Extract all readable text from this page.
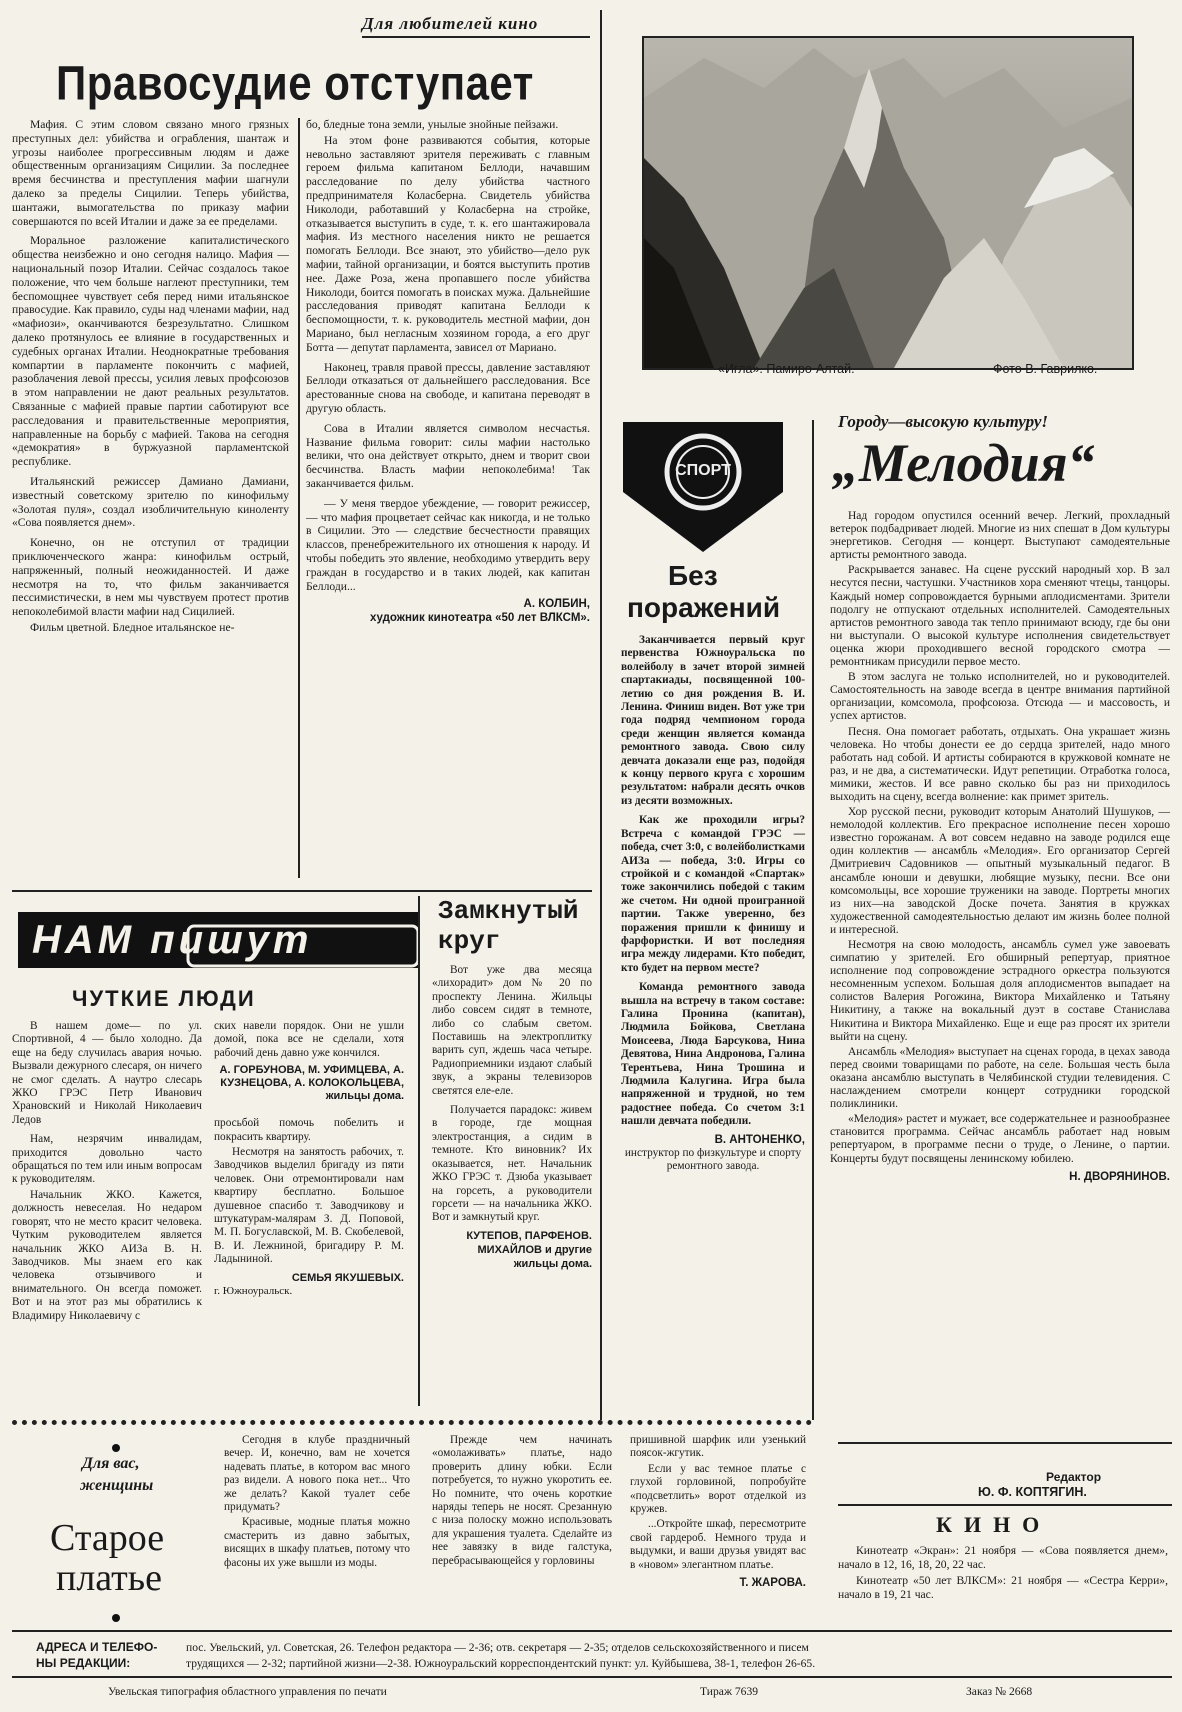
Для любителей кино
Правосудие отступает

Мафия. С этим словом связано много грязных преступных дел: убийства и ограбления, шантаж и угрозы наиболее прогрессивным людям и даже общественным организациям Сицилии. За последнее время бесчинства и преступления мафии шагнули далеко за пределы Сицилии. Теперь убийства, шантажи, вымогательства по приказу мафии совершаются по всей Италии и даже за ее пределами.

Моральное разложение капиталистического общества неизбежно и оно сегодня налицо. Мафия — национальный позор Италии. Сейчас создалось такое положение, что чем больше наглеют преступники, тем беспомощнее чувствует себя перед ними итальянское правосудие. Как правило, суды над членами мафии, над «мафиози», оканчиваются безрезультатно. Слишком далеко протянулось ее влияние в государственных и судебных органах Италии. Неоднократные требования компартии в парламенте покончить с мафией, разоблачения левой прессы, усилия левых профсоюзов в этом направлении не дают реальных результатов. Связанные с мафией правые партии саботируют все расследования и правительственные мероприятия, направленные на борьбу с мафией. Такова на сегодня «демократия» в буржуазной парламентской республике.

Итальянский режиссер Дамиано Дамиани, известный советскому зрителю по кинофильму «Золотая пуля», создал изобличительную киноленту «Сова появляется днем».

Конечно, он не отступил от традиции приключенческого жанра: кинофильм острый, напряженный, полный неожиданностей. И даже несмотря на то, что фильм заканчивается пессимистически, в нем мы чувствуем протест против непоколебимой власти мафии над Сицилией.

Фильм цветной. Бледное итальянское не-

бо, бледные тона земли, унылые знойные пейзажи.

На этом фоне развиваются события, которые невольно заставляют зрителя переживать с главным героем фильма капитаном Беллоди, начавшим расследование по делу убийства частного предпринимателя Колаcберна. Свидетель убийства Николоди, работавший у Колаcберна на стройке, отказывается выступить в суде, т. к. его шантажировала мафия. Из местного населения никто не решается помогать Беллоди. Все знают, это убийство—дело рук мафии, тайной организации, и боятся выступить против нее. Даже Роза, жена пропавшего после убийства Николоди, боится помогать в поисках мужа. Дальнейшие расследования приводят капитана Беллоди к беспомощности, т. к. руководитель местной мафии, дон Мариано, был негласным хозяином города, а его друг Ботта — депутат парламента, зависел от Мариано.

Наконец, травля правой прессы, давление заставляют Беллоди отказаться от дальнейшего расследования. Все арестованные снова на свободе, и капитана переводят в другую область.

Сова в Италии является символом несчастья. Название фильма говорит: силы мафии настолько велики, что она действует открыто, днем и творит свои бесчинства. Власть мафии непоколебима! Так заканчивается фильм.

— У меня твердое убеждение, — говорит режиссер, — что мафия процветает сейчас как никогда, и не только в Сицилии. Это — следствие бесчестности правящих классов, пренебрежительного их отношения к народу. И чтобы победить это явление, необходимо утвердить веру граждан в государство и в таких людей, как капитан Беллоди...

А. КОЛБИН,
художник кинотеатра «50 лет ВЛКСМ».
«Игла». Памиро-Алтай.	Фото В. Гаврилко.
СПОРТ
Без
поражений

Заканчивается первый круг первенства Южноуральска по волейболу в зачет второй зимней спартакиады, посвященной 100-летию со дня рождения В. И. Ленина. Финиш виден. Вот уже три года подряд чемпионом города среди женщин является команда ремонтного завода. Свою силу девчата доказали еще раз, подойдя к концу первого круга с хорошим результатом: набрали десять очков из десяти возможных.

Как же проходили игры? Встреча с командой ГРЭС — победа, счет 3:0, с волейболистками АИЗа — победа, 3:0. Игры со стройкой и с командой «Спартак» тоже закончились победой с таким же счетом. Ни одной проигранной партии. Также уверенно, без поражения пришли к финишу и фарфористки. И вот последняя игра между лидерами. Кто победит, кто будет на первом месте?

Команда ремонтного завода вышла на встречу в таком составе: Галина Пронина (капитан), Людмила Бойкова, Светлана Моисеева, Люда Барсукова, Нина Девятова, Нина Андронова, Галина Терентьева, Нина Трошина и Людмила Калугина. Игра была напряженной и трудной, но тем радостнее победа. Со счетом 3:1 нашли девчата победили.

В. АНТОНЕНКО,
инструктор по физкультуре и спорту ремонтного завода.
Городу—высокую культуру!
„Мелодия“

Над городом опустился осенний вечер. Легкий, прохладный ветерок подбадривает людей. Многие из них спешат в Дом культуры энергетиков. Сегодня — концерт. Выступают самодеятельные артисты ремонтного завода.

Раскрывается занавес. На сцене русский народный хор. В зал несутся песни, частушки. Участников хора сменяют чтецы, танцоры. Каждый номер сопровождается бурными аплодисментами. Зрители подолгу не отпускают отдельных исполнителей. Самодеятельных артистов ремонтного завода так тепло принимают всюду, где бы они ни выступали. О высокой культуре исполнения свидетельствует оценка жюри проходившего весной городского смотра — ремонтникам присудили первое место.

В этом заслуга не только исполнителей, но и руководителей. Самостоятельность на заводе всегда в центре внимания партийной организации, комсомола, профсоюза. Отсюда — и массовость, и успех артистов.

Песня. Она помогает работать, отдыхать. Она украшает жизнь человека. Но чтобы донести ее до сердца зрителей, надо много работать над собой. И артисты собираются в кружковой комнате не раз, и не два, а систематически. Идут репетиции. Отработка голоса, мимики, жестов. И все равно сколько бы раз ни приходилось выходить на сцену, всегда волнение: как примет зритель.

Хор русской песни, руководит которым Анатолий Шушуков, — немолодой коллектив. Его прекрасное исполнение песен хорошо известно горожанам. А вот совсем недавно на заводе родился еще один коллектив — ансамбль «Мелодия». Его организатор Сергей Дмитриевич Садовников — опытный музыкальный педагог. В ансамбле юноши и девушки, любящие музыку, песни. Все они комсомольцы, все хорошие труженики на заводе. Портреты многих из них—на заводской Доске почета. Занятия в кружках художественной самодеятельностью делают им жизнь более полной и интересной.

Несмотря на свою молодость, ансамбль сумел уже завоевать симпатию у зрителей. Его обширный репертуар, приятное исполнение под сопровождение эстрадного оркестра пользуются несомненным успехом. Большая доля аплодисментов выпадает на солистов Валерия Рогожина, Виктора Михайленко и Татьяну Никитину, а также на вокальный дуэт в составе Станислава Никитина и Виктора Михайленко. Еще и еще раз просят их зрители выйти на сцену.

Ансамбль «Мелодия» выступает на сценах города, в цехах завода перед своими товарищами по работе, на селе. Большая честь была оказана ансамблю выступать в Челябинской студии телевидения. С наслаждением смотрели концерт сотрудники городской поликлиники.

«Мелодия» растет и мужает, все содержательнее и разнообразнее становится программа. Сейчас ансамбль работает над новым репертуаром, в программе песни о труде, о Ленине, о партии. Концерты будут посвящены ленинскому юбилею.

Н. ДВОРЯНИНОВ.
НАМ пишут
ЧУТКИЕ ЛЮДИ

В нашем доме— по ул. Спортивной, 4 — было холодно. Да еще на беду случилась авария ночью. Вызвали дежурного слесаря, он ничего не смог сделать. А наутро слесарь ЖКО ГРЭС Петр Иванович Храновский и Николай Николаевич Ледов

Нам, незрячим инвалидам, приходится довольно часто обращаться по тем или иным вопросам к руководителям.

Начальник ЖКО. Кажется, должность невеселая. Но недаром говорят, что не место красит человека. Чутким руководителем является начальник ЖКО АИЗа В. Н. Заводчиков. Мы знаем его как человека отзывчивого и внимательного. Он всегда поможет. Вот и на этот раз мы обратились к Владимиру Николаевичу с

ских навели порядок. Они не ушли домой, пока все не сделали, хотя рабочий день давно уже кончился.

А. ГОРБУНОВА, М. УФИМЦЕВА, А. КУЗНЕЦОВА, А. КОЛОКОЛЬЦЕВА, жильцы дома.

просьбой помочь побелить и покрасить квартиру.

Несмотря на занятость рабочих, т. Заводчиков выделил бригаду из пяти человек. Они отремонтировали нам квартиру бесплатно. Большое душевное спасибо т. Заводчикову и штукатурам-малярам З. Д. Поповой, М. П. Богуславской, М. В. Скобелевой, В. И. Лежниной, бригадиру Р. М. Ладыниной.

СЕМЬЯ ЯКУШЕВЫХ.
г. Южноуральск.
Замкнутый
круг

Вот уже два месяца «лихорадит» дом № 20 по проспекту Ленина. Жильцы либо совсем сидят в темноте, либо со слабым светом. Поставишь на электроплитку варить суп, ждешь часа четыре. Радиоприемники издают слабый звук, а экраны телевизоров светятся еле-еле.

Получается парадокс: живем в городе, где мощная электростанция, а сидим в темноте. Кто виновник? Их оказывается, нет. Начальник ЖКО ГРЭС т. Дзюба указывает на горсеть, а руководители горсети — на начальника ЖКО. Вот и замкнутый круг.

КУТЕПОВ, ПАРФЕНОВ. МИХАЙЛОВ и другие жильцы дома.
Для вас,
женщины
Старое
платье

Сегодня в клубе праздничный вечер. И, конечно, вам не хочется надевать платье, в котором вас много раз видели. А нового пока нет... Что же делать? Какой туалет себе придумать?

Красивые, модные платья можно смастерить из давно забытых, висящих в шкафу платьев, потому что фасоны их уже вышли из моды.

Прежде чем начинать «омолаживать» платье, надо проверить длину юбки. Если потребуется, то нужно укоротить ее. Но помните, что очень короткие наряды теперь не носят. Срезанную с низа полоску можно использовать для украшения туалета. Сделайте из нее завязку в виде галстука, перебрасывающейся у горловины

пришивной шарфик или узенький поясок-жгутик.

Если у вас темное платье с глухой горловиной, попробуйте «подсветлить» ворот отделкой из кружев.

...Откройте шкаф, пересмотрите свой гардероб. Немного труда и выдумки, и ваши друзья увидят вас в «новом» элегантном платье.

Т. ЖАРОВА.
Редактор
Ю. Ф. КОПТЯГИН.
КИНО

Кинотеатр «Экран»: 21 ноября — «Сова появляется днем», начало в 12, 16, 18, 20, 22 час.

Кинотеатр «50 лет ВЛКСМ»: 21 ноября — «Сестра Керри», начало в 19, 21 час.

АДРЕСА И ТЕЛЕФО-
НЫ РЕДАКЦИИ:
пос. Увельский, ул. Советская, 26. Телефон редактора — 2-36; отв. секретаря — 2-35; отделов сельскохозяйственного и писем
трудящихся — 2-32; партийной жизни—2-38. Южноуральский корреспондентский пункт: ул. Куйбышева, 38-1, телефон 26-65.
Увельская типография областного управления по печати	Тираж 7639	Заказ № 2668
